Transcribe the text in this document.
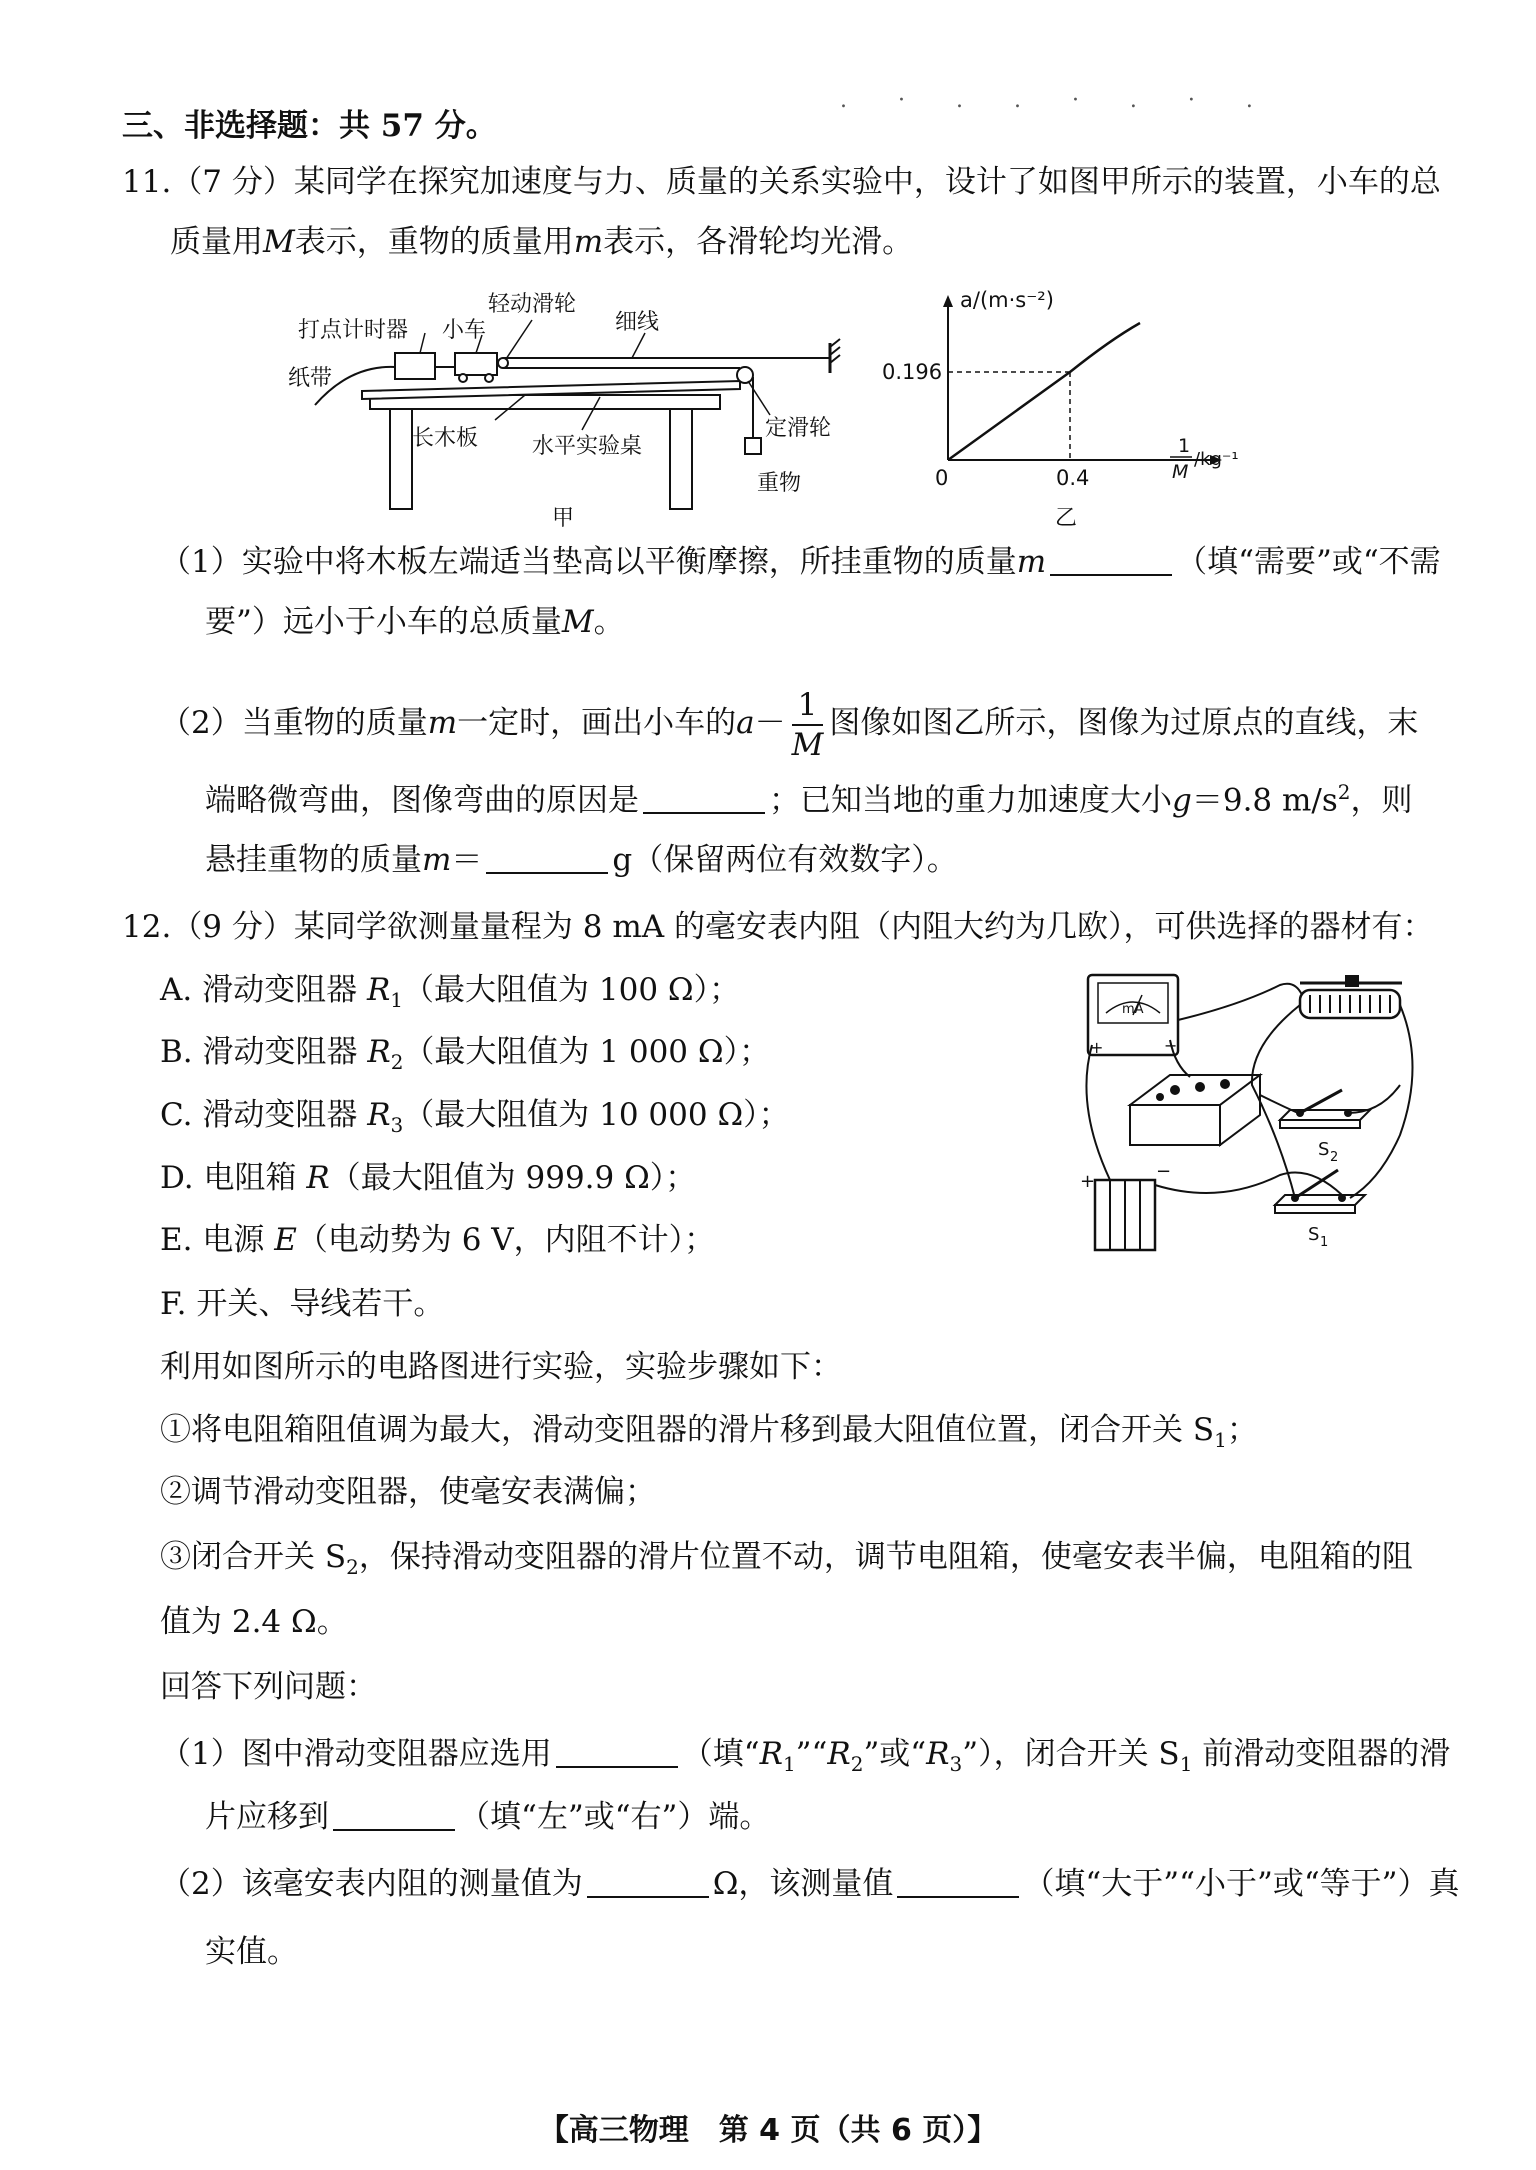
. · . . · . · .
三、非选择题：共 57 分。
11.（7 分）某同学在探究加速度与力、质量的关系实验中，设计了如图甲所示的装置，小车的总
质量用M表示，重物的质量用m表示，各滑轮均光滑。
打点计时器
纸带
小车
轻动滑轮
细线
长木板 水平实验桌
定滑轮
重物
甲
a/(m·s⁻²)
0.196
0	0.4
1
M
/kg⁻¹
乙
（1）实验中将木板左端适当垫高以平衡摩擦，所挂重物的质量m	（填“需要”或“不需
要”）远小于小车的总质量M。
（2）当重物的质量m一定时，画出小车的$a- \frac{1}{M}$ 图像如图乙所示，图像为过原点的直线，末
端略微弯曲，图像弯曲的原因是	；已知当地的重力加速度大小g＝9.8 $m/s^2$，则
悬挂重物的质量m＝	g（保留两位有效数字）。
12.（9 分）某同学欲测量量程为 8 mA 的毫安表内阻（内阻大约为几欧），可供选择的器材有：
A. 滑动变阻器 $R_1$（最大阻值为 100 Ω）；
B. 滑动变阻器 $R_2$（最大阻值为 1 000 Ω）；
C. 滑动变阻器 $R_3$（最大阻值为 10 000 Ω）；
D. 电阻箱 R（最大阻值为 999.9 Ω）；
E. 电源 E（电动势为 6 V，内阻不计）；
F. 开关、导线若干。
mA
+	−
+	−
S 2
S 1
利用如图所示的电路图进行实验，实验步骤如下：
①将电阻箱阻值调为最大，滑动变阻器的滑片移到最大阻值位置，闭合开关 $S_1$；
②调节滑动变阻器，使毫安表满偏；
③闭合开关 $S_2$，保持滑动变阻器的滑片位置不动，调节电阻箱，使毫安表半偏，电阻箱的阻
值为 2.4 Ω。
回答下列问题：
（1）图中滑动变阻器应选用	（填“$R_1”“R_2$”或“$R_3$”），闭合开关 $S_1$ 前滑动变阻器的滑
片应移到	（填“左”或“右”）端。
（2）该毫安表内阻的测量值为	Ω，该测量值	（填“大于”“小于”或“等于”）真
实值。
【高三物理　第 4 页（共 6 页）】
